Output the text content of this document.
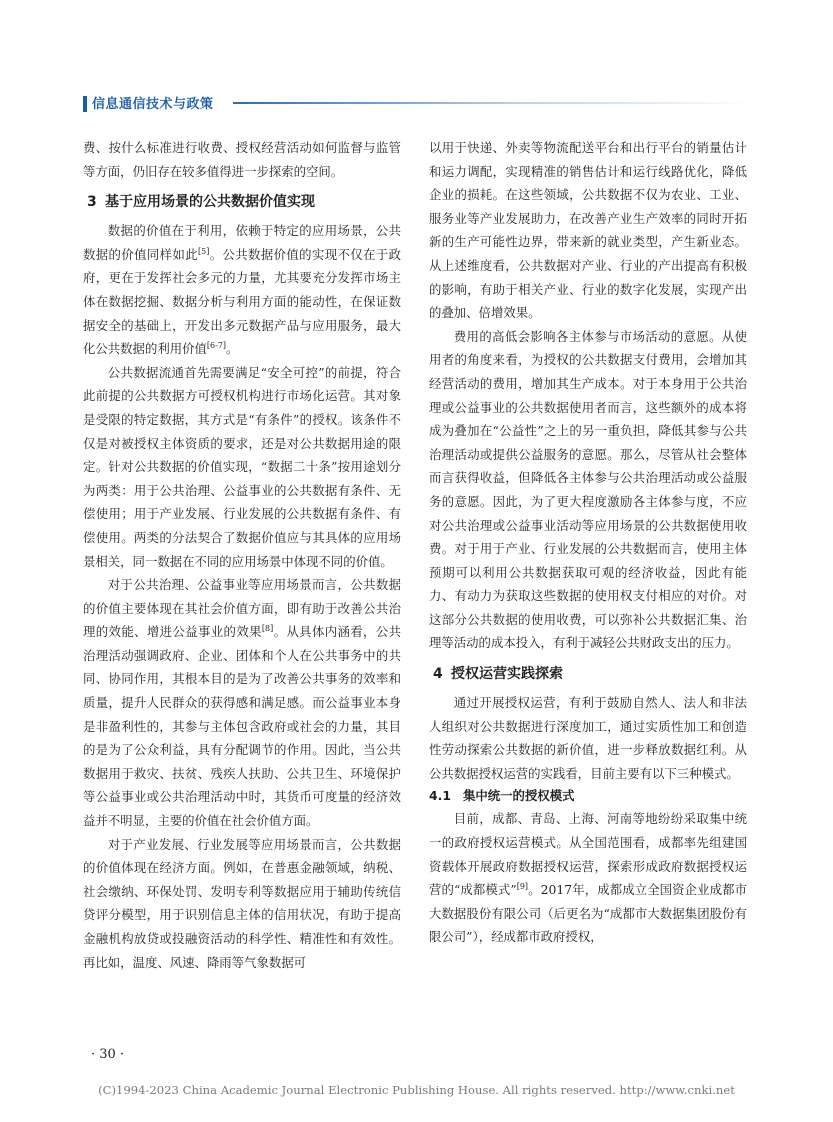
信息通信技术与政策

费、按什么标准进行收费、授权经营活动如何监督与监管等方面，仍旧存在较多值得进一步探索的空间。

3 基于应用场景的公共数据价值实现

数据的价值在于利用，依赖于特定的应用场景，公共数据的价值同样如此[5]。公共数据价值的实现不仅在于政府，更在于发挥社会多元的力量，尤其要充分发挥市场主体在数据挖掘、数据分析与利用方面的能动性，在保证数据安全的基础上，开发出多元数据产品与应用服务，最大化公共数据的利用价值[6-7]。

公共数据流通首先需要满足“安全可控”的前提，符合此前提的公共数据方可授权机构进行市场化运营。其对象是受限的特定数据，其方式是“有条件”的授权。该条件不仅是对被授权主体资质的要求，还是对公共数据用途的限定。针对公共数据的价值实现，“数据二十条”按用途划分为两类：用于公共治理、公益事业的公共数据有条件、无偿使用；用于产业发展、行业发展的公共数据有条件、有偿使用。两类的分法契合了数据价值应与其具体的应用场景相关，同一数据在不同的应用场景中体现不同的价值。

对于公共治理、公益事业等应用场景而言，公共数据的价值主要体现在其社会价值方面，即有助于改善公共治理的效能、增进公益事业的效果[8]。从具体内涵看，公共治理活动强调政府、企业、团体和个人在公共事务中的共同、协同作用，其根本目的是为了改善公共事务的效率和质量，提升人民群众的获得感和满足感。而公益事业本身是非盈利性的，其参与主体包含政府或社会的力量，其目的是为了公众利益，具有分配调节的作用。因此，当公共数据用于救灾、扶贫、残疾人扶助、公共卫生、环境保护等公益事业或公共治理活动中时，其货币可度量的经济效益并不明显，主要的价值在社会价值方面。

对于产业发展、行业发展等应用场景而言，公共数据的价值体现在经济方面。例如，在普惠金融领域，纳税、社会缴纳、环保处罚、发明专利等数据应用于辅助传统信贷评分模型，用于识别信息主体的信用状况，有助于提高金融机构放贷或投融资活动的科学性、精准性和有效性。再比如，温度、风速、降雨等气象数据可

以用于快递、外卖等物流配送平台和出行平台的销量估计和运力调配，实现精准的销售估计和运行线路优化，降低企业的损耗。在这些领域，公共数据不仅为农业、工业、服务业等产业发展助力，在改善产业生产效率的同时开拓新的生产可能性边界，带来新的就业类型，产生新业态。从上述维度看，公共数据对产业、行业的产出提高有积极的影响，有助于相关产业、行业的数字化发展，实现产出的叠加、倍增效果。

费用的高低会影响各主体参与市场活动的意愿。从使用者的角度来看，为授权的公共数据支付费用，会增加其经营活动的费用，增加其生产成本。对于本身用于公共治理或公益事业的公共数据使用者而言，这些额外的成本将成为叠加在“公益性”之上的另一重负担，降低其参与公共治理活动或提供公益服务的意愿。那么，尽管从社会整体而言获得收益，但降低各主体参与公共治理活动或公益服务的意愿。因此，为了更大程度激励各主体参与度，不应对公共治理或公益事业活动等应用场景的公共数据使用收费。对于用于产业、行业发展的公共数据而言，使用主体预期可以利用公共数据获取可观的经济收益，因此有能力、有动力为获取这些数据的使用权支付相应的对价。对这部分公共数据的使用收费，可以弥补公共数据汇集、治理等活动的成本投入，有利于减轻公共财政支出的压力。

4 授权运营实践探索

通过开展授权运营，有利于鼓励自然人、法人和非法人组织对公共数据进行深度加工，通过实质性加工和创造性劳动探索公共数据的新价值，进一步释放数据红利。从公共数据授权运营的实践看，目前主要有以下三种模式。

4.1 集中统一的授权模式

目前，成都、青岛、上海、河南等地纷纷采取集中统一的政府授权运营模式。从全国范围看，成都率先组建国资载体开展政府数据授权运营，探索形成政府数据授权运营的“成都模式”[9]。2017年，成都成立全国资企业成都市大数据股份有限公司（后更名为“成都市大数据集团股份有限公司”），经成都市政府授权，

· 30 ·
(C)1994-2023 China Academic Journal Electronic Publishing House. All rights reserved. http://www.cnki.net
